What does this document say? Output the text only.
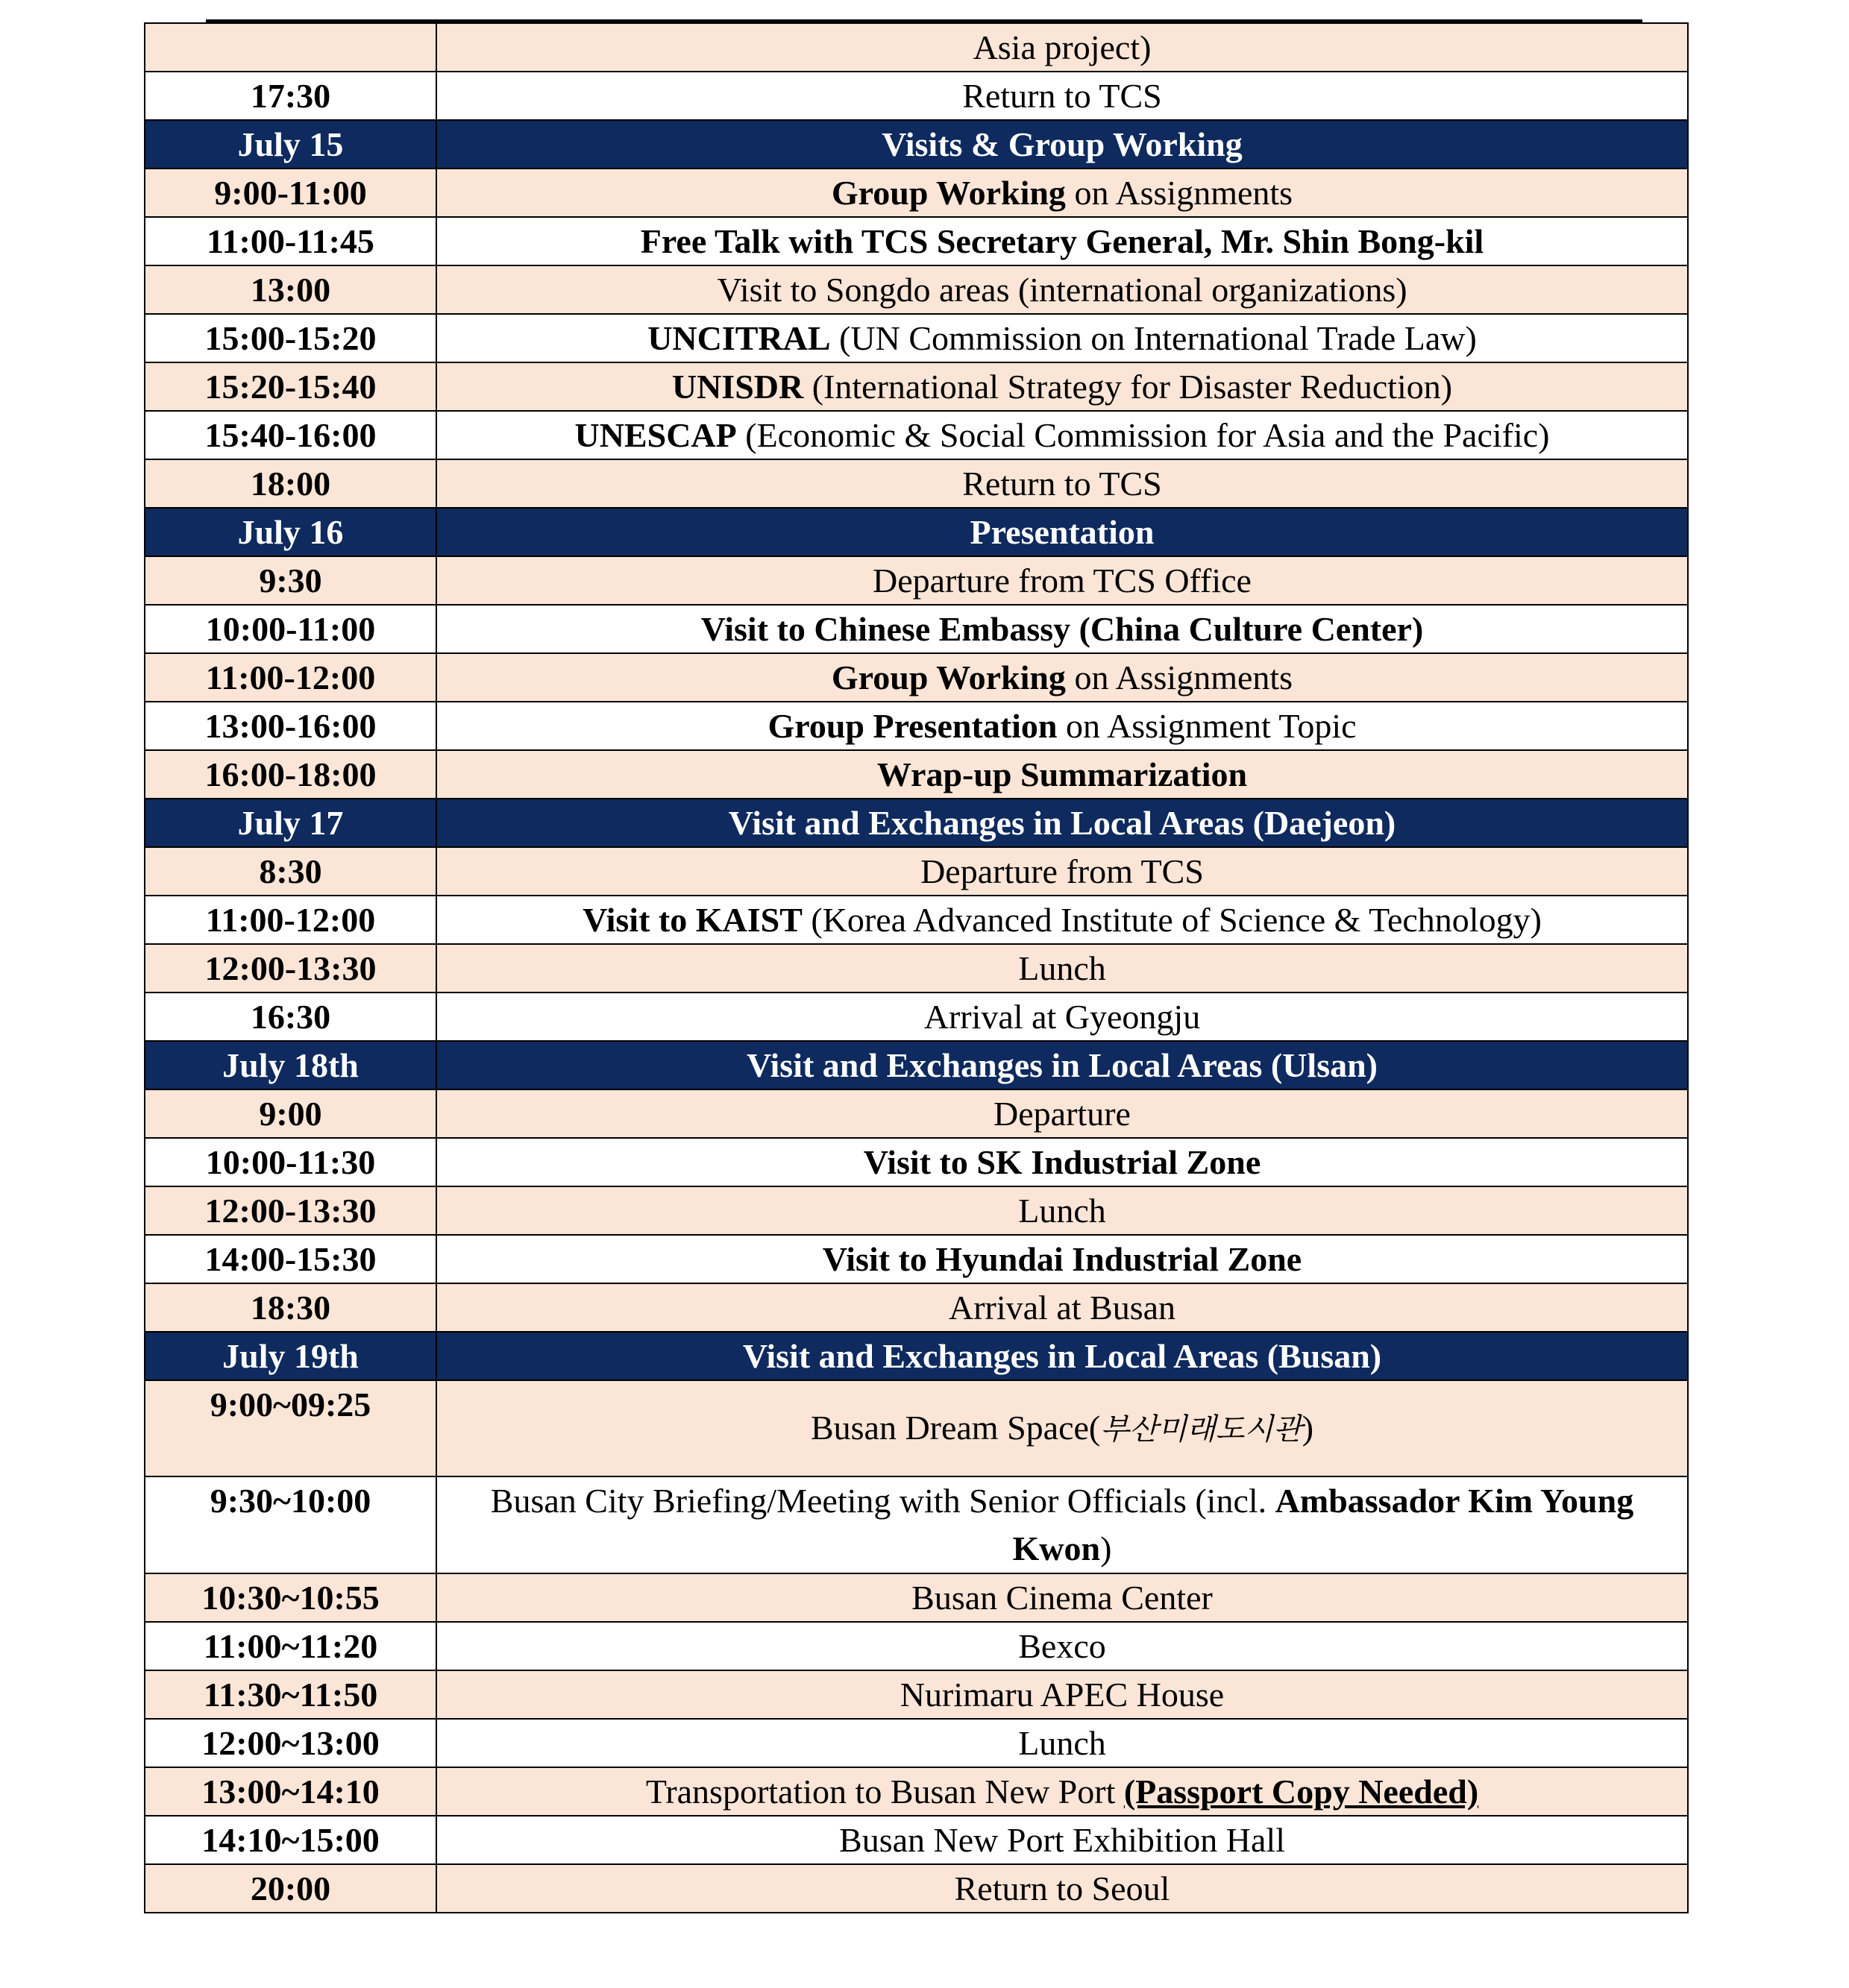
	Asia project)
17:30	Return to TCS
July 15	Visits & Group Working
9:00-11:00	Group Working on Assignments
11:00-11:45	Free Talk with TCS Secretary General, Mr. Shin Bong-kil
13:00	Visit to Songdo areas (international organizations)
15:00-15:20	UNCITRAL (UN Commission on International Trade Law)
15:20-15:40	UNISDR (International Strategy for Disaster Reduction)
15:40-16:00	UNESCAP (Economic & Social Commission for Asia and the Pacific)
18:00	Return to TCS
July 16	Presentation
9:30	Departure from TCS Office
10:00-11:00	Visit to Chinese Embassy (China Culture Center)
11:00-12:00	Group Working on Assignments
13:00-16:00	Group Presentation on Assignment Topic
16:00-18:00	Wrap-up Summarization
July 17	Visit and Exchanges in Local Areas (Daejeon)
8:30	Departure from TCS
11:00-12:00	Visit to KAIST (Korea Advanced Institute of Science & Technology)
12:00-13:30	Lunch
16:30	Arrival at Gyeongju
July 18th	Visit and Exchanges in Local Areas (Ulsan)
9:00	Departure
10:00-11:30	Visit to SK Industrial Zone
12:00-13:30	Lunch
14:00-15:30	Visit to Hyundai Industrial Zone
18:30	Arrival at Busan
July 19th	Visit and Exchanges in Local Areas (Busan)
9:00~09:25	Busan Dream Space(부산미래도시관)
9:30~10:00	Busan City Briefing/Meeting with Senior Officials (incl. Ambassador Kim Young Kwon)
10:30~10:55	Busan Cinema Center
11:00~11:20	Bexco
11:30~11:50	Nurimaru APEC House
12:00~13:00	Lunch
13:00~14:10	Transportation to Busan New Port (Passport Copy Needed)
14:10~15:00	Busan New Port Exhibition Hall
20:00	Return to Seoul
